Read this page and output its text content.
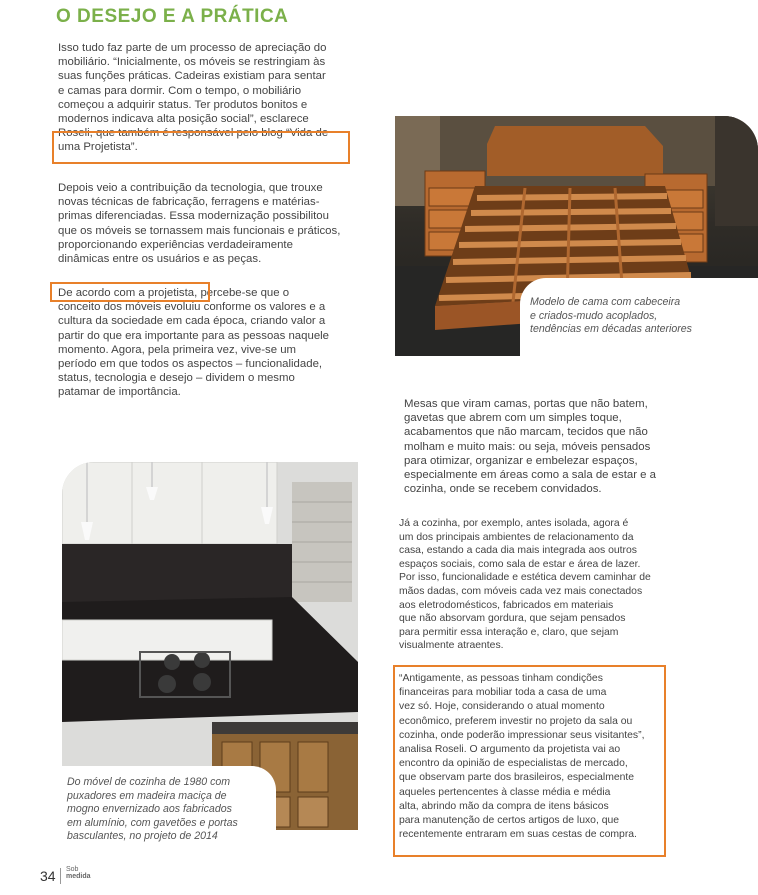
O DESEJO E A PRÁTICA

Isso tudo faz parte de um processo de apreciação do
mobiliário. “Inicialmente, os móveis se restringiam às
suas funções práticas. Cadeiras existiam para sentar
e camas para dormir. Com o tempo, o mobiliário
começou a adquirir status. Ter produtos bonitos e
modernos indicava alta posição social”, esclarece
Roseli, que também é responsável pelo blog “Vida de
uma Projetista”.

Depois veio a contribuição da tecnologia, que trouxe
novas técnicas de fabricação, ferragens e matérias-
primas diferenciadas. Essa modernização possibilitou
que os móveis se tornassem mais funcionais e práticos,
proporcionando experiências verdadeiramente
dinâmicas entre os usuários e as peças.

De acordo com a projetista, percebe-se que o
conceito dos móveis evoluiu conforme os valores e a
cultura da sociedade em cada época, criando valor a
partir do que era importante para as pessoas naquele
momento. Agora, pela primeira vez, vive-se um
período em que todos os aspectos – funcionalidade,
status, tecnologia e desejo – dividem o mesmo
patamar de importância.

Modelo de cama com cabeceira
e criados-mudo acoplados,
tendências em décadas anteriores

Mesas que viram camas, portas que não batem,
gavetas que abrem com um simples toque,
acabamentos que não marcam, tecidos que não
molham e muito mais: ou seja, móveis pensados
para otimizar, organizar e embelezar espaços,
especialmente em áreas como a sala de estar e a
cozinha, onde se recebem convidados.

Já a cozinha, por exemplo, antes isolada, agora é
um dos principais ambientes de relacionamento da
casa, estando a cada dia mais integrada aos outros
espaços sociais, como sala de estar e área de lazer.
Por isso, funcionalidade e estética devem caminhar de
mãos dadas, com móveis cada vez mais conectados
aos eletrodomésticos, fabricados em materiais
que não absorvam gordura, que sejam pensados
para permitir essa interação e, claro, que sejam
visualmente atraentes.

“Antigamente, as pessoas tinham condições
financeiras para mobiliar toda a casa de uma
vez só. Hoje, considerando o atual momento
econômico, preferem investir no projeto da sala ou
cozinha, onde poderão impressionar seus visitantes”,
analisa Roseli. O argumento da projetista vai ao
encontro da opinião de especialistas de mercado,
que observam parte dos brasileiros, especialmente
aqueles pertencentes à classe média e média
alta, abrindo mão da compra de itens básicos
para manutenção de certos artigos de luxo, que
recentemente entraram em suas cestas de compra.

Do móvel de cozinha de 1980 com
puxadores em madeira maciça de
mogno envernizado aos fabricados
em alumínio, com gavetões e portas
basculantes, no projeto de 2014
34 Sob
medida
